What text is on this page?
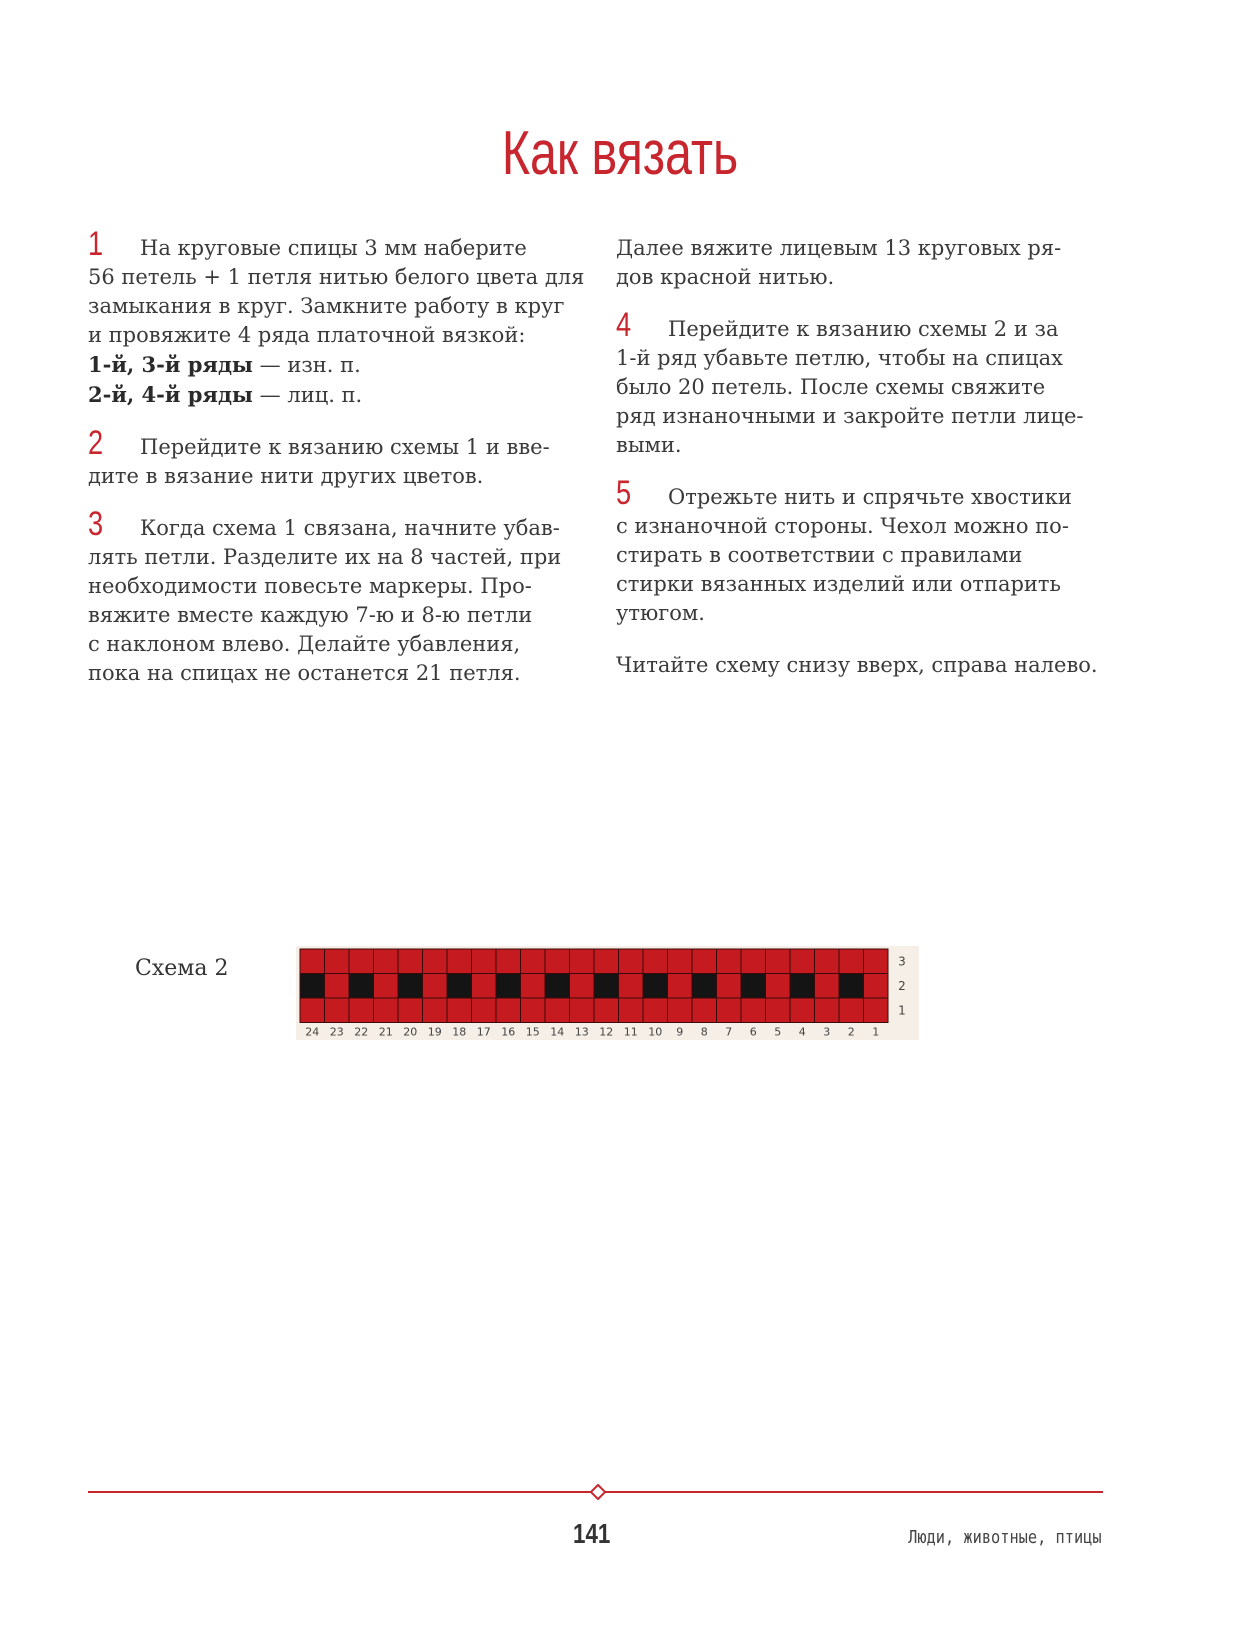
Как вязать

1 На круговые спицы 3 мм наберите
56 петель + 1 петля нитью белого цвета для
замыкания в круг. Замкните работу в круг
и провяжите 4 ряда платочной вязкой:
1-й, 3-й ряды — изн. п.
2-й, 4-й ряды — лиц. п.

2 Перейдите к вязанию схемы 1 и вве-
дите в вязание нити других цветов.

3 Когда схема 1 связана, начните убав-
лять петли. Разделите их на 8 частей, при
необходимости повесьте маркеры. Про-
вяжите вместе каждую 7-ю и 8-ю петли
с наклоном влево. Делайте убавления,
пока на спицах не останется 21 петля.

Далее вяжите лицевым 13 круговых ря-
дов красной нитью.

4 Перейдите к вязанию схемы 2 и за
1-й ряд убавьте петлю, чтобы на спицах
было 20 петель. После схемы свяжите
ряд изнаночными и закройте петли лице-
выми.

5 Отрежьте нить и спрячьте хвостики
с изнаночной стороны. Чехол можно по-
стирать в соответствии с правилами
стирки вязанных изделий или отпарить
утюгом.

Читайте схему снизу вверх, справа налево.

Схема 2
24 23 22 21 20 19 18 17 16 15 14 13 12 11 10 9 8 7 6 5 4 3 2 1
3
2
1
141	Люди, животные, птицы
